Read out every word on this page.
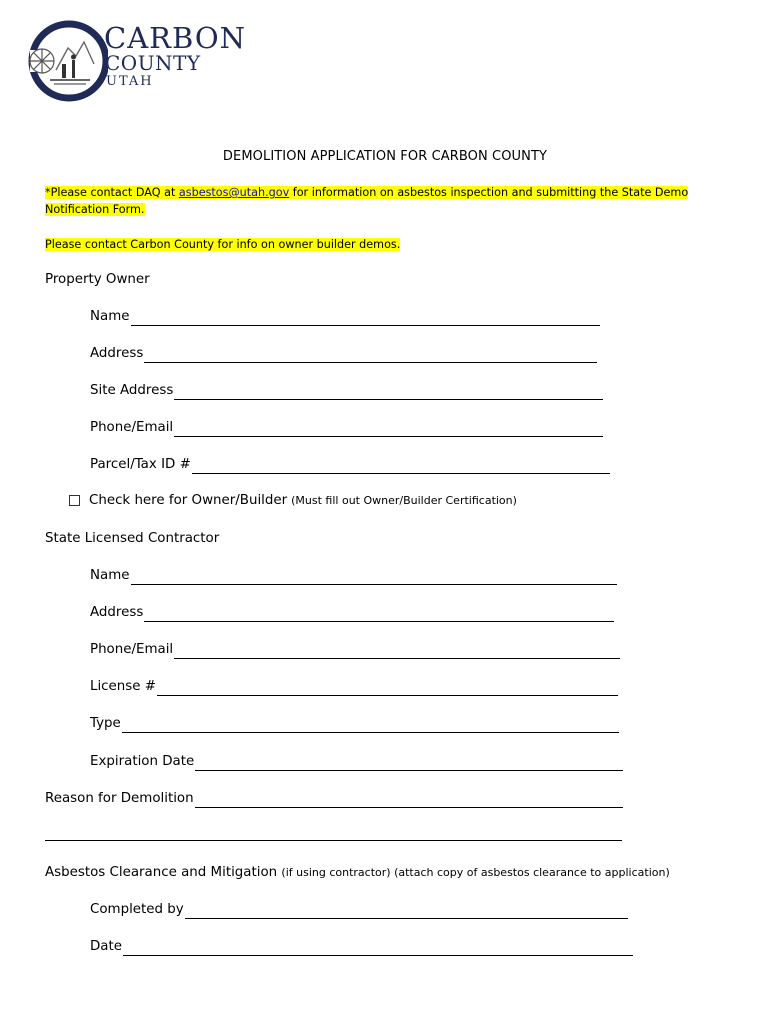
CARBON
COUNTY
UTAH
DEMOLITION APPLICATION FOR CARBON COUNTY
*Please contact DAQ at asbestos@utah.gov for information on asbestos inspection and submitting the State Demo
Notification Form.
Please contact Carbon County for info on owner builder demos.
Property Owner
Name
Address
Site Address
Phone/Email
Parcel/Tax ID #
Check here for Owner/Builder (Must fill out Owner/Builder Certification)
State Licensed Contractor
Name
Address
Phone/Email
License #
Type
Expiration Date
Reason for Demolition
Asbestos Clearance and Mitigation (if using contractor) (attach copy of asbestos clearance to application)
Completed by
Date
